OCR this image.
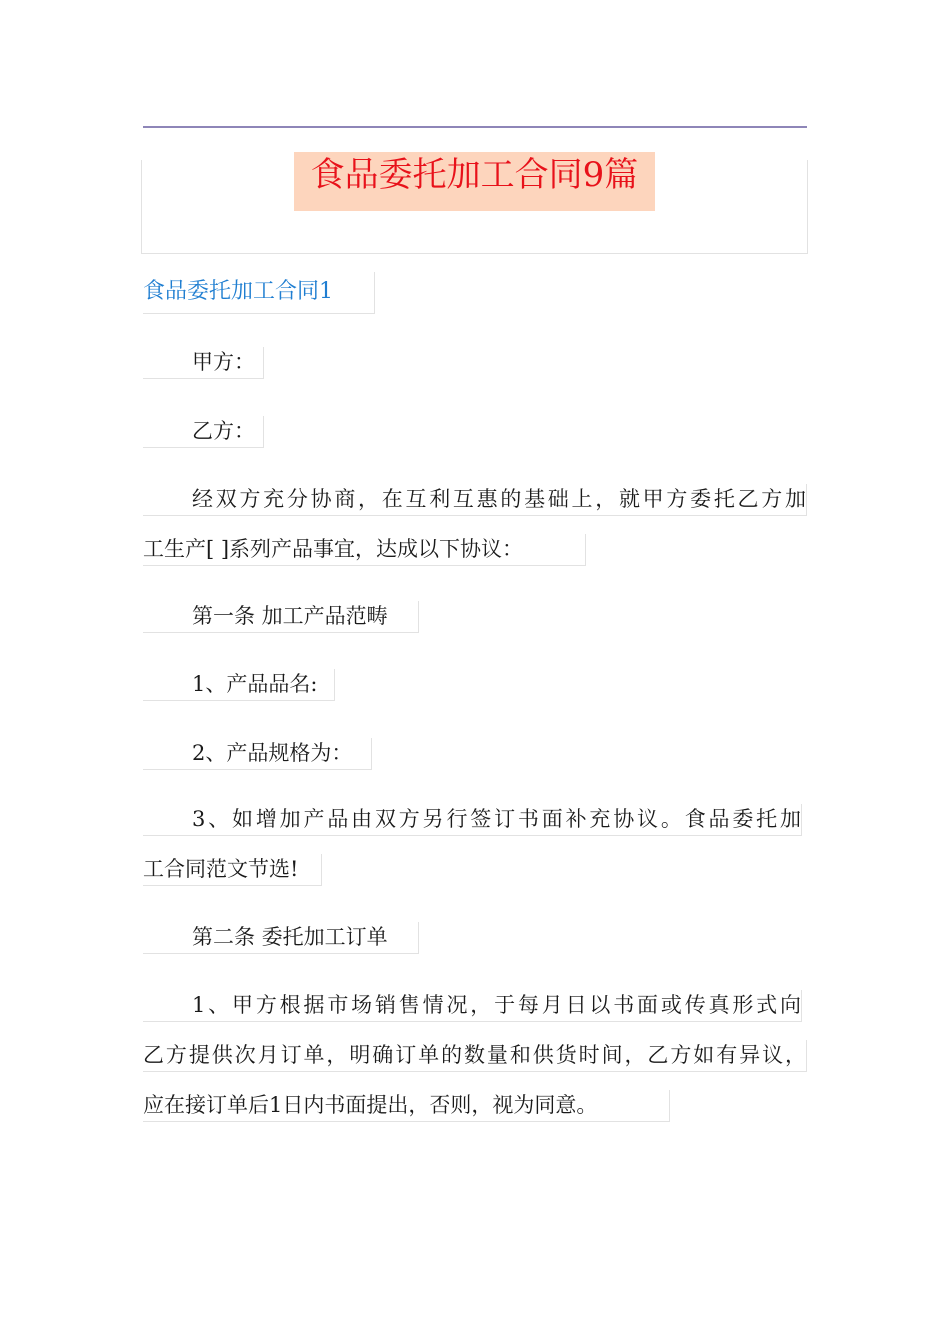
食品委托加工合同9篇
食品委托加工合同1
甲方：
乙方：
经双方充分协商，在互利互惠的基础上，就甲方委托乙方加
工生产[ ]系列产品事宜，达成以下协议：
第一条 加工产品范畴
1、产品品名:
2、产品规格为：
3、如增加产品由双方另行签订书面补充协议。食品委托加
工合同范文节选!
第二条 委托加工订单
1、甲方根据市场销售情况，于每月日以书面或传真形式向
乙方提供次月订单，明确订单的数量和供货时间，乙方如有异议，
应在接订单后1日内书面提出，否则，视为同意。
